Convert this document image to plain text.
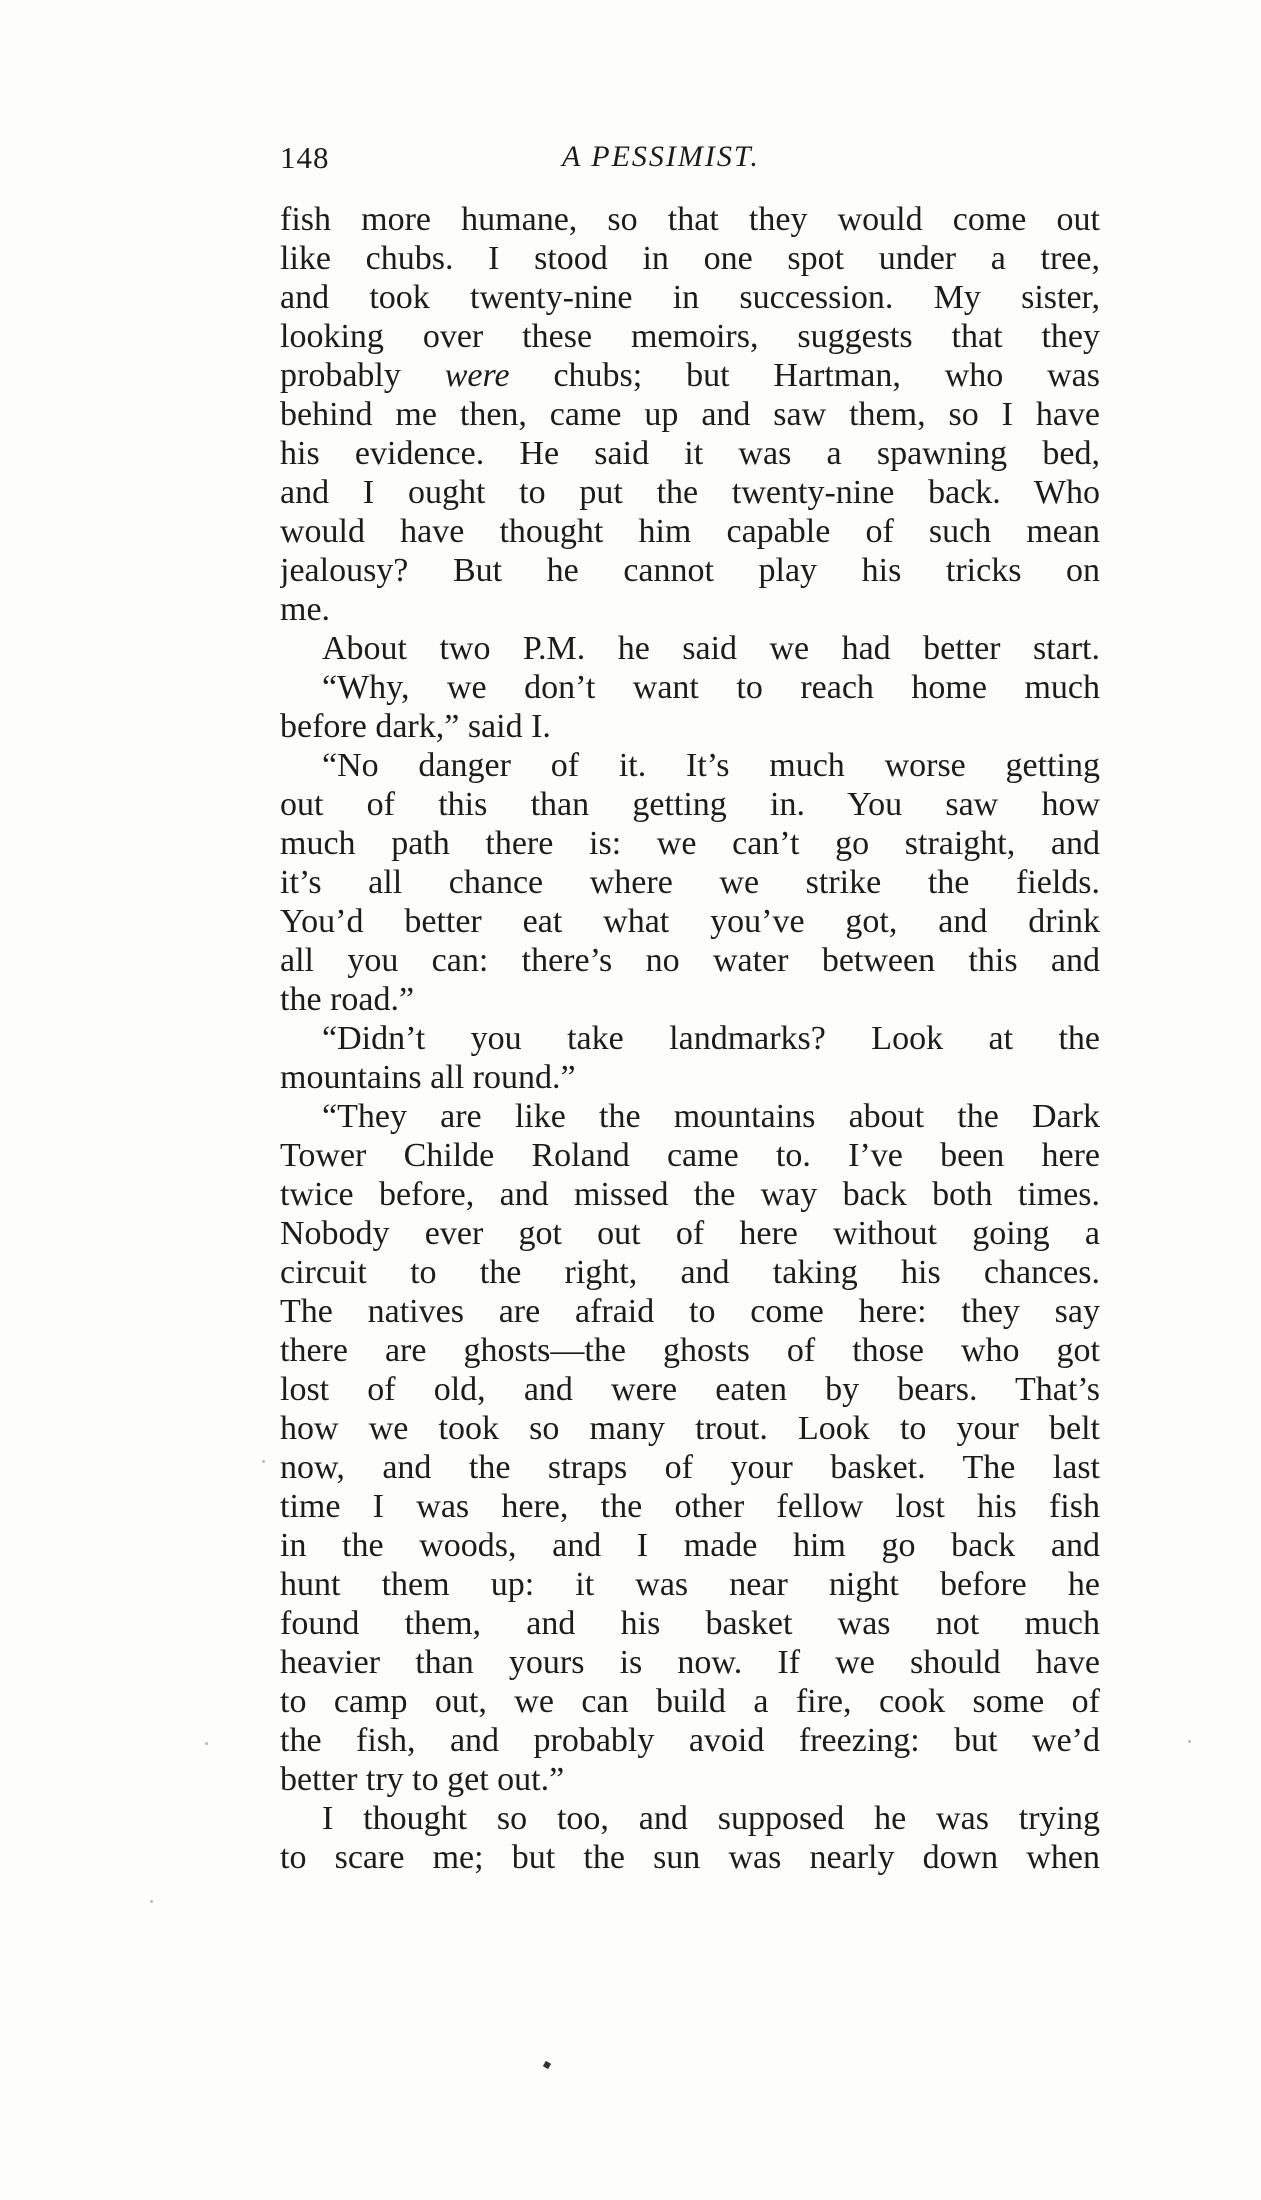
148	A PESSIMIST.
fish more humane, so that they would come out
like chubs. I stood in one spot under a tree,
and took twenty-nine in succession. My sister,
looking over these memoirs, suggests that they
probably were chubs; but Hartman, who was
behind me then, came up and saw them, so I have
his evidence. He said it was a spawning bed,
and I ought to put the twenty-nine back. Who
would have thought him capable of such mean
jealousy? But he cannot play his tricks on
me.
About two P.M. he said we had better start.
“Why, we don’t want to reach home much
before dark,” said I.
“No danger of it. It’s much worse getting
out of this than getting in. You saw how
much path there is: we can’t go straight, and
it’s all chance where we strike the fields.
You’d better eat what you’ve got, and drink
all you can: there’s no water between this and
the road.”
“Didn’t you take landmarks? Look at the
mountains all round.”
“They are like the mountains about the Dark
Tower Childe Roland came to. I’ve been here
twice before, and missed the way back both times.
Nobody ever got out of here without going a
circuit to the right, and taking his chances.
The natives are afraid to come here: they say
there are ghosts—the ghosts of those who got
lost of old, and were eaten by bears. That’s
how we took so many trout. Look to your belt
now, and the straps of your basket. The last
time I was here, the other fellow lost his fish
in the woods, and I made him go back and
hunt them up: it was near night before he
found them, and his basket was not much
heavier than yours is now. If we should have
to camp out, we can build a fire, cook some of
the fish, and probably avoid freezing: but we’d
better try to get out.”
I thought so too, and supposed he was trying
to scare me; but the sun was nearly down when
